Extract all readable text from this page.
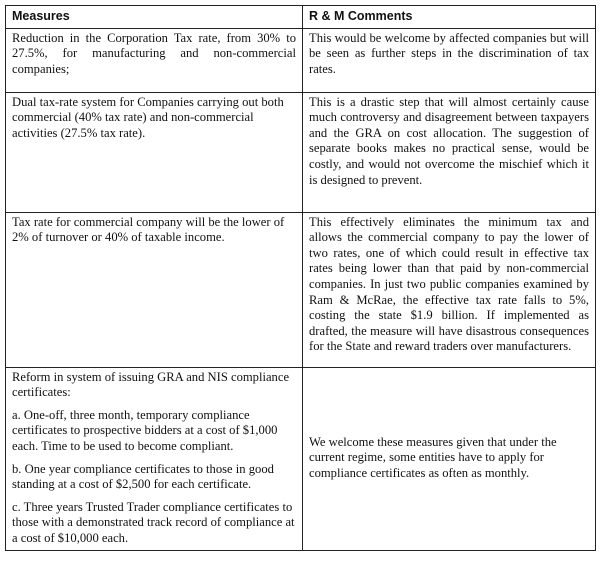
Measures	R & M Comments
Reduction in the Corporation Tax rate, from 30% to 27.5%, for manufacturing and non-commercial companies;	This would be welcome by affected companies but will be seen as further steps in the discrimination of tax rates.
Dual tax-rate system for Companies carrying out both commercial (40% tax rate) and non-commercial activities (27.5% tax rate).	This is a drastic step that will almost certainly cause much controversy and disagreement between taxpayers and the GRA on cost allocation. The suggestion of separate books makes no practical sense, would be costly, and would not overcome the mischief which it is designed to prevent.
Tax rate for commercial company will be the lower of 2% of turnover or 40% of taxable income.	This effectively eliminates the minimum tax and allows the commercial company to pay the lower of two rates, one of which could result in effective tax rates being lower than that paid by non-commercial companies. In just two public companies examined by Ram & McRae, the effective tax rate falls to 5%, costing the state $1.9 billion. If implemented as drafted, the measure will have disastrous consequences for the State and reward traders over manufacturers.

Reform in system of issuing GRA and NIS compliance certificates:

a. One-off, three month, temporary compliance certificates to prospective bidders at a cost of $1,000 each. Time to be used to become compliant.

b. One year compliance certificates to those in good standing at a cost of $2,500 for each certificate.

c. Three years Trusted Trader compliance certificates to those with a demonstrated track record of compliance at a cost of $10,000 each.	We welcome these measures given that under the current regime, some entities have to apply for compliance certificates as often as monthly.
